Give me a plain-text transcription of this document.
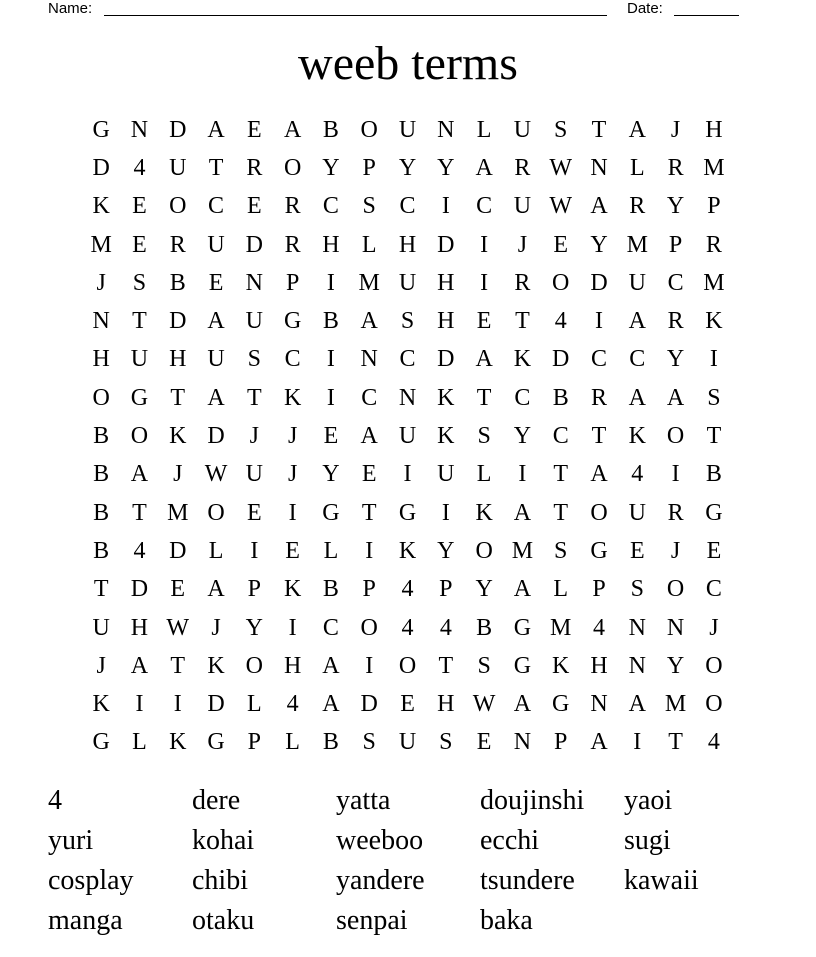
Name:	Date:
weeb terms
G N D A E A B O U N L U S	T A	J	H
D 4 U T R O Y P Y Y A R W N L R M
K E O C E R C S C	I	C U W A R Y P
M E R U D R H L H D	I	J	E Y M P R
J	S B E N P	I M U H	I	R O D U C M
N T D A U G B A S H E T	4	I	A R K
H U H U S C	I	N C D A K D C C Y	I
O G T A T K	I	C N K T C B R A A S
B O K D	J	J	E A U K S Y C T K O T
B A	J W U	J	Y E	I	U L	I	T A 4	I	B
B T M O E	I	G T G	I	K A T O U R G
B	4 D L	I	E L	I	K Y O M S G E	J	E
T D E A P K B P	4	P Y A L	P	S O C
U H W J	Y	I	C O 4	4	B G M 4 N N	J
J	A T K O H A	I	O T	S G K H N Y O
K	I	I	D L	4 A D E H W A G N A M O
G L K G P	L B S U S	E N P A	I	T	4
4	dere	yatta	doujinshi	yaoi
yuri	kohai	weeboo	ecchi	sugi
cosplay	chibi	yandere	tsundere	kawaii
manga	otaku	senpai	baka
